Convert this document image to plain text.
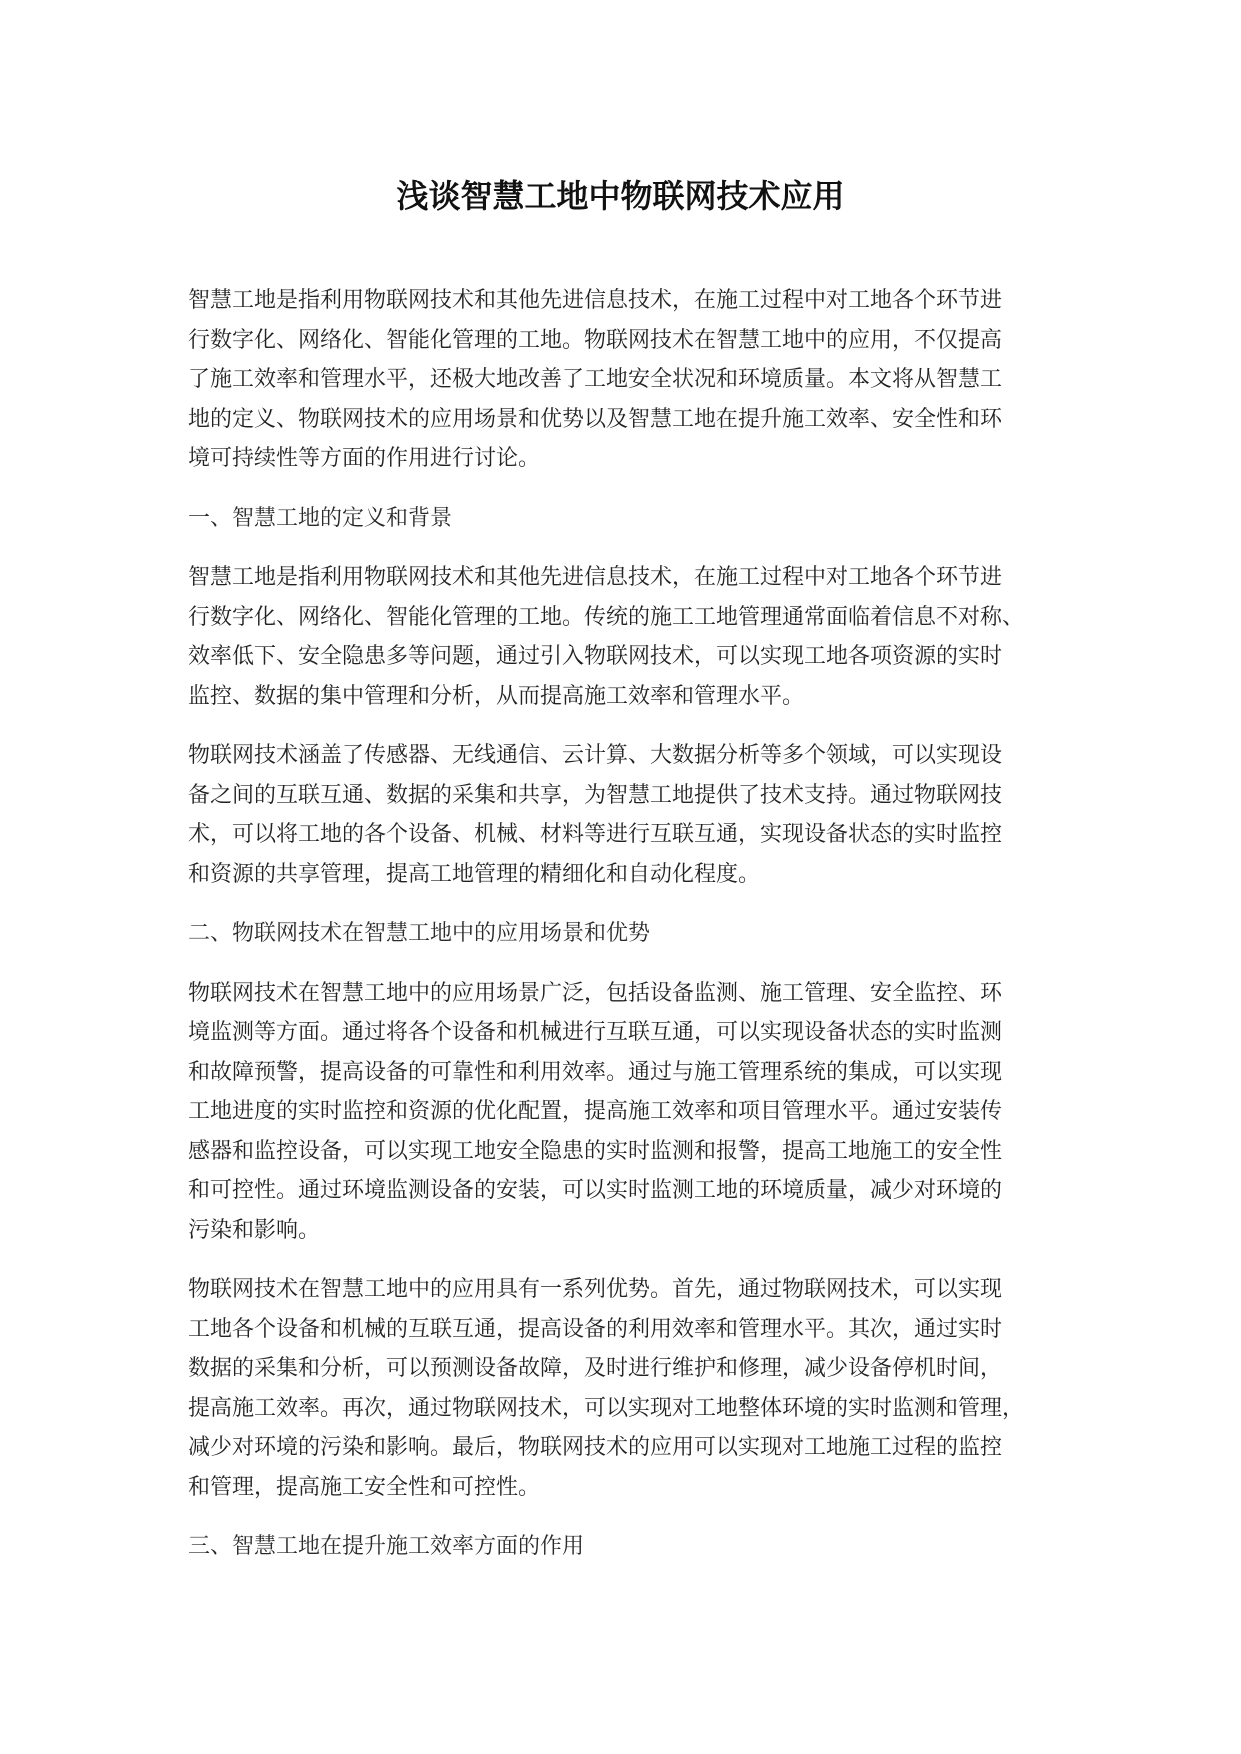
浅谈智慧工地中物联网技术应用
智慧工地是指利用物联网技术和其他先进信息技术，在施工过程中对工地各个环节进
行数字化、网络化、智能化管理的工地。物联网技术在智慧工地中的应用，不仅提高
了施工效率和管理水平，还极大地改善了工地安全状况和环境质量。本文将从智慧工
地的定义、物联网技术的应用场景和优势以及智慧工地在提升施工效率、安全性和环
境可持续性等方面的作用进行讨论。
一、智慧工地的定义和背景
智慧工地是指利用物联网技术和其他先进信息技术，在施工过程中对工地各个环节进
行数字化、网络化、智能化管理的工地。传统的施工工地管理通常面临着信息不对称、
效率低下、安全隐患多等问题，通过引入物联网技术，可以实现工地各项资源的实时
监控、数据的集中管理和分析，从而提高施工效率和管理水平。
物联网技术涵盖了传感器、无线通信、云计算、大数据分析等多个领域，可以实现设
备之间的互联互通、数据的采集和共享，为智慧工地提供了技术支持。通过物联网技
术，可以将工地的各个设备、机械、材料等进行互联互通，实现设备状态的实时监控
和资源的共享管理，提高工地管理的精细化和自动化程度。
二、物联网技术在智慧工地中的应用场景和优势
物联网技术在智慧工地中的应用场景广泛，包括设备监测、施工管理、安全监控、环
境监测等方面。通过将各个设备和机械进行互联互通，可以实现设备状态的实时监测
和故障预警，提高设备的可靠性和利用效率。通过与施工管理系统的集成，可以实现
工地进度的实时监控和资源的优化配置，提高施工效率和项目管理水平。通过安装传
感器和监控设备，可以实现工地安全隐患的实时监测和报警，提高工地施工的安全性
和可控性。通过环境监测设备的安装，可以实时监测工地的环境质量，减少对环境的
污染和影响。
物联网技术在智慧工地中的应用具有一系列优势。首先，通过物联网技术，可以实现
工地各个设备和机械的互联互通，提高设备的利用效率和管理水平。其次，通过实时
数据的采集和分析，可以预测设备故障，及时进行维护和修理，减少设备停机时间，
提高施工效率。再次，通过物联网技术，可以实现对工地整体环境的实时监测和管理，
减少对环境的污染和影响。最后，物联网技术的应用可以实现对工地施工过程的监控
和管理，提高施工安全性和可控性。
三、智慧工地在提升施工效率方面的作用
